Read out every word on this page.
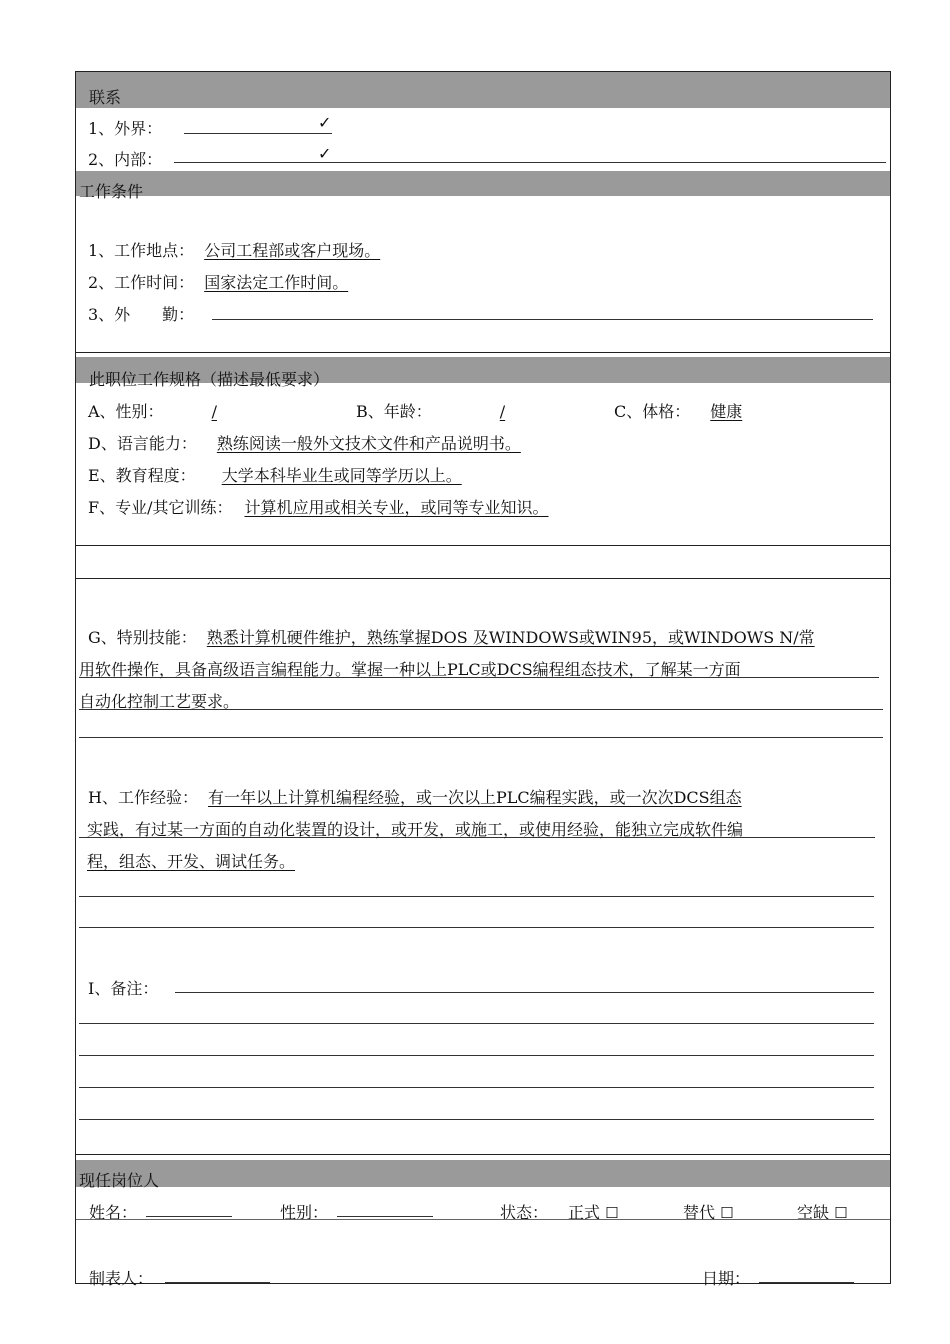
联系
1、外界：	✓
2、内部：	✓
工作条件
1、工作地点： 公司工程部或客户现场。
2、工作时间： 国家法定工作时间。
3、外　　勤：
此职位工作规格（描述最低要求）
A、性别：	/	B、年龄：	/	C、体格： 健康
D、语言能力： 熟练阅读一般外文技术文件和产品说明书。
E、教育程度： 大学本科毕业生或同等学历以上。
F、专业/其它训练： 计算机应用或相关专业，或同等专业知识。
G、特别技能： 熟悉计算机硬件维护，熟练掌握DOS 及WINDOWS或WIN95，或WINDOWS N/常
用软件操作，具备高级语言编程能力。掌握一种以上PLC或DCS编程组态技术，了解某一方面
自动化控制工艺要求。
H、工作经验： 有一年以上计算机编程经验，或一次以上PLC编程实践，或一次次DCS组态
实践，有过某一方面的自动化装置的设计，或开发，或施工，或使用经验，能独立完成软件编
程，组态、开发、调试任务。
I、备注：
现任岗位人
姓名：	性别：	状态： 正式 ☐	替代 ☐	空缺 ☐
制表人：	日期：
